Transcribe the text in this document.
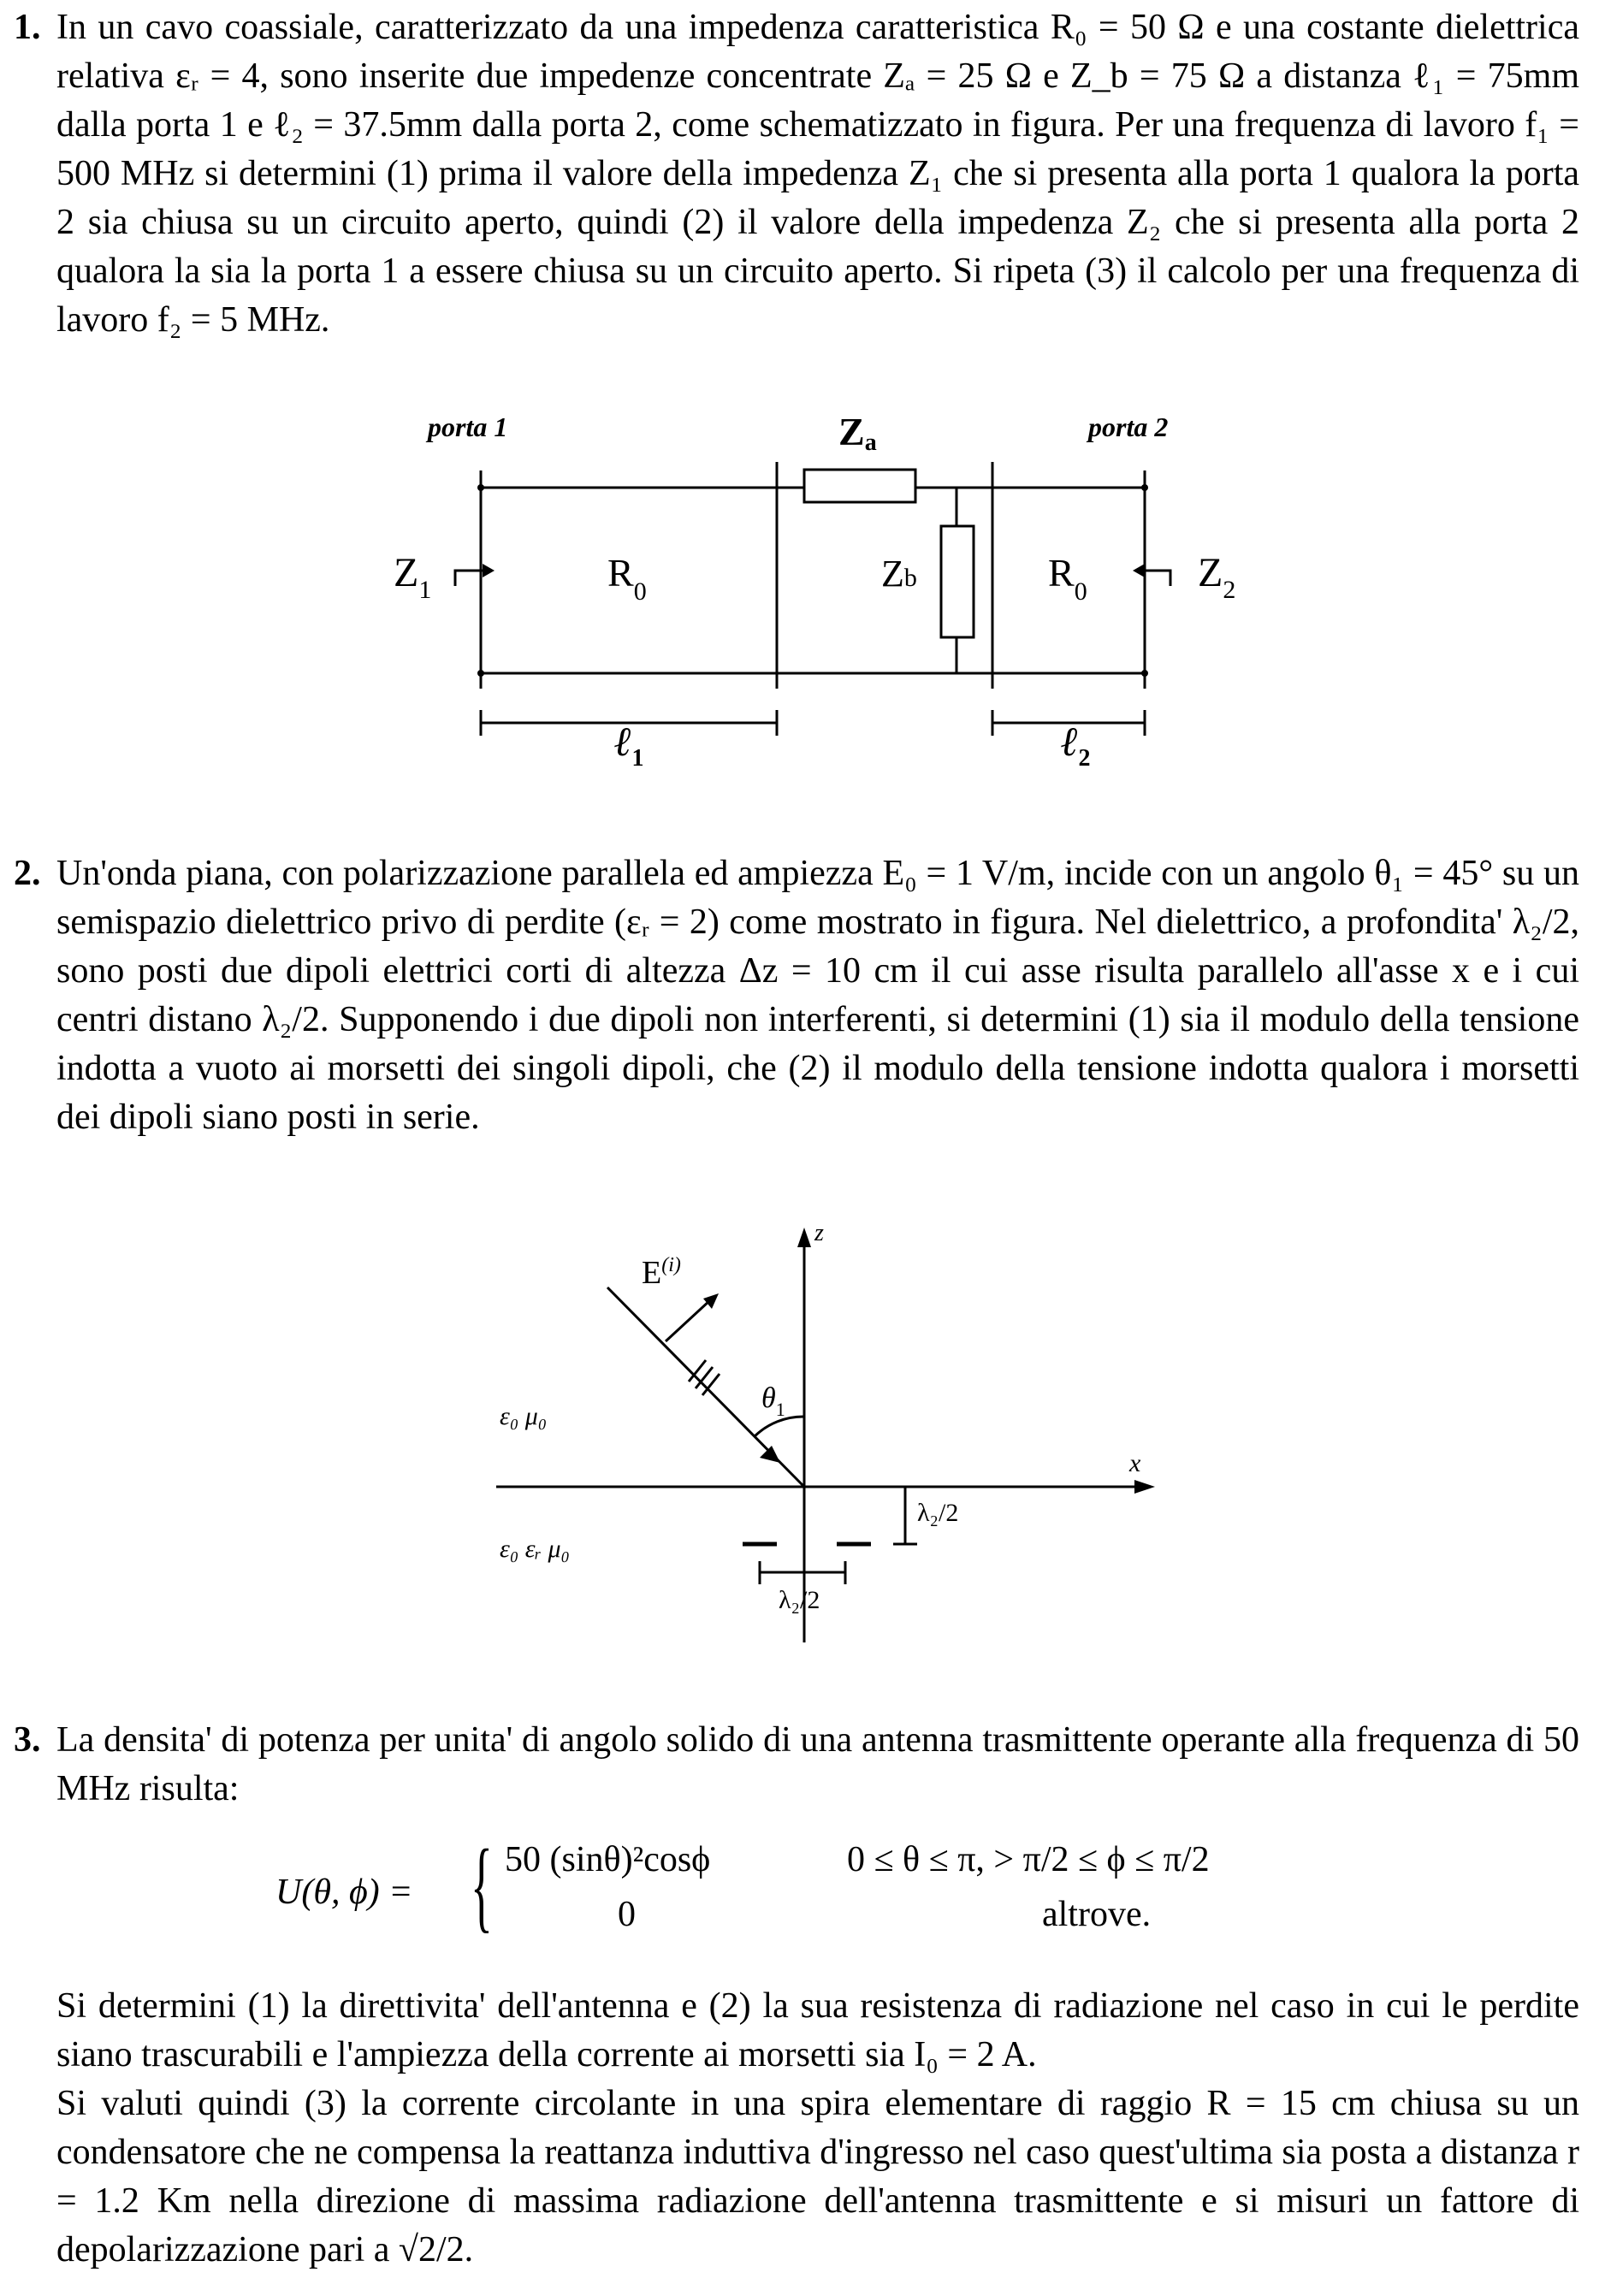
1. In un cavo coassiale, caratterizzato da una impedenza caratteristica R₀ = 50 Ω e una costante dielettrica relativa εᵣ = 4, sono inserite due impedenze concentrate Zₐ = 25 Ω e Z_b = 75 Ω a distanza ℓ₁ = 75mm dalla porta 1 e ℓ₂ = 37.5mm dalla porta 2, come schematizzato in figura. Per una frequenza di lavoro f₁ = 500 MHz si determini (1) prima il valore della impedenza Z₁ che si presenta alla porta 1 qualora la porta 2 sia chiusa su un circuito aperto, quindi (2) il valore della impedenza Z₂ che si presenta alla porta 2 qualora la sia la porta 1 a essere chiusa su un circuito aperto. Si ripeta (3) il calcolo per una frequenza di lavoro f₂ = 5 MHz.

porta 1	porta 2
Za
Zb
$Z_1$	$Z_2$
$R_0$	$R_0$
ℓ$_1$	ℓ$_2$
2. Un'onda piana, con polarizzazione parallela ed ampiezza E₀ = 1 V/m, incide con un angolo θ₁ = 45° su un semispazio dielettrico privo di perdite (εᵣ = 2) come mostrato in figura. Nel dielettrico, a profondita' λ₂/2, sono posti due dipoli elettrici corti di altezza Δz = 10 cm il cui asse risulta parallelo all'asse x e i cui centri distano λ₂/2. Supponendo i due dipoli non interferenti, si determini (1) sia il modulo della tensione indotta a vuoto ai morsetti dei singoli dipoli, che (2) il modulo della tensione indotta qualora i morsetti dei dipoli siano posti in serie.

z
x
$E^{(i)}$
$\theta_1$
ε₀ μ₀
ε₀ εᵣ μ₀
λ₂/2
λ₂/2
3. La densita' di potenza per unita' di angolo solido di una antenna trasmittente operante alla frequenza di 50 MHz risulta:

U(θ, ϕ) = { 50 (sinθ)²cosϕ	0 ≤ θ ≤ π, > π/2 ≤ ϕ ≤ π/2
0	altrove.

Si determini (1) la direttivita' dell'antenna e (2) la sua resistenza di radiazione nel caso in cui le perdite siano trascurabili e l'ampiezza della corrente ai morsetti sia I₀ = 2 A.

Si valuti quindi (3) la corrente circolante in una spira elementare di raggio R = 15 cm chiusa su un condensatore che ne compensa la reattanza induttiva d'ingresso nel caso quest'ultima sia posta a distanza r = 1.2 Km nella direzione di massima radiazione dell'antenna trasmittente e si misuri un fattore di depolarizzazione pari a √2/2.
